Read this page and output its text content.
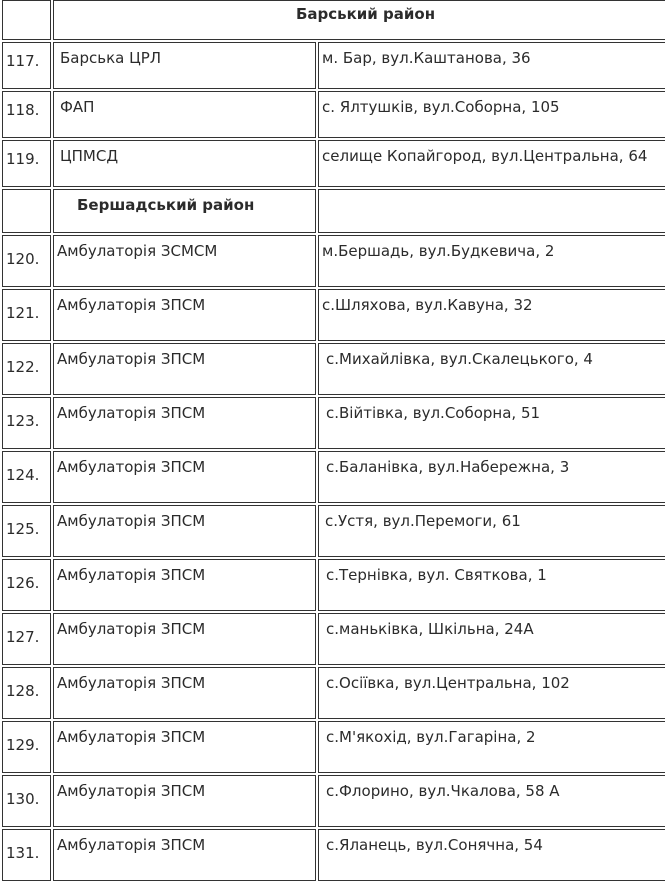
	Барський район	
117.	Барська ЦРЛ	м. Бар, вул.Каштанова, 36
118.	ФАП	с. Ялтушків, вул.Соборна, 105
119.	ЦПМСД	селище Копайгород, вул.Центральна, 64
	Бершадський район	
120.	Амбулаторія ЗСМСМ	м.Бершадь, вул.Будкевича, 2
121.	Амбулаторія ЗПСМ	с.Шляхова, вул.Кавуна, 32
122.	Амбулаторія ЗПСМ	с.Михайлівка, вул.Скалецького, 4
123.	Амбулаторія ЗПСМ	с.Війтівка, вул.Соборна, 51
124.	Амбулаторія ЗПСМ	с.Баланівка, вул.Набережна, 3
125.	Амбулаторія ЗПСМ	с.Устя, вул.Перемоги, 61
126.	Амбулаторія ЗПСМ	с.Тернівка, вул. Святкова, 1
127.	Амбулаторія ЗПСМ	с.маньківка, Шкільна, 24А
128.	Амбулаторія ЗПСМ	с.Осіївка, вул.Центральна, 102
129.	Амбулаторія ЗПСМ	с.М'якохід, вул.Гагаріна, 2
130.	Амбулаторія ЗПСМ	с.Флорино, вул.Чкалова, 58 А
131.	Амбулаторія ЗПСМ	с.Яланець, вул.Сонячна, 54
